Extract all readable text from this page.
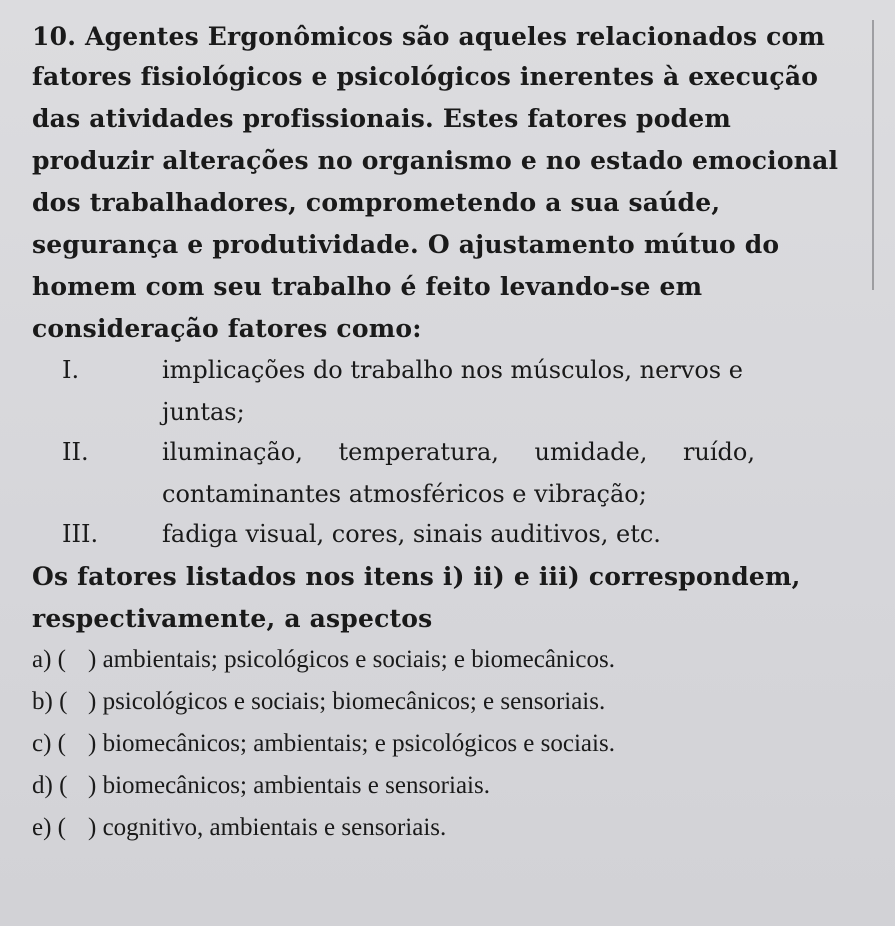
10. Agentes Ergonômicos são aqueles relacionados com
fatores fisiológicos e psicológicos inerentes à execução
das atividades profissionais. Estes fatores podem
produzir alterações no organismo e no estado emocional
dos trabalhadores, comprometendo a sua saúde,
segurança e produtividade. O ajustamento mútuo do
homem com seu trabalho é feito levando-se em
consideração fatores como:
I.	implicações do trabalho nos músculos, nervos e
juntas;
II.	iluminação, temperatura, umidade, ruído,
contaminantes atmosféricos e vibração;
III.	fadiga visual, cores, sinais auditivos, etc.
Os fatores listados nos itens i) ii) e iii) correspondem,
respectivamente, a aspectos
a) ( ) ambientais; psicológicos e sociais; e biomecânicos.
b) ( ) psicológicos e sociais; biomecânicos; e sensoriais.
c) ( ) biomecânicos; ambientais; e psicológicos e sociais.
d) ( ) biomecânicos; ambientais e sensoriais.
e) ( ) cognitivo, ambientais e sensoriais.
